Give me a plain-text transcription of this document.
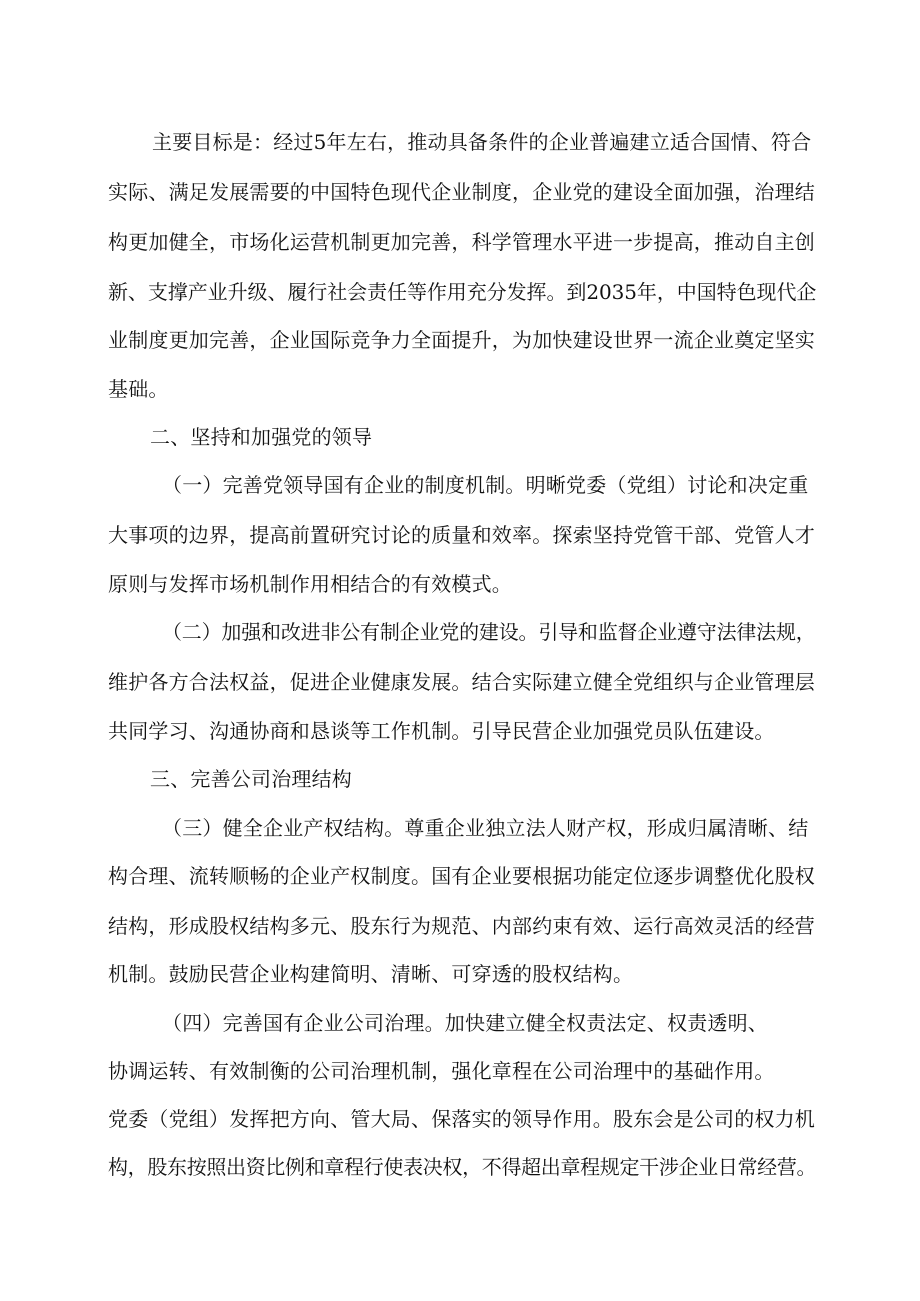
主要目标是：经过5年左右，推动具备条件的企业普遍建立适合国情、符合
实际、满足发展需要的中国特色现代企业制度，企业党的建设全面加强，治理结
构更加健全，市场化运营机制更加完善，科学管理水平进一步提高，推动自主创
新、支撑产业升级、履行社会责任等作用充分发挥。到2035年，中国特色现代企
业制度更加完善，企业国际竞争力全面提升，为加快建设世界一流企业奠定坚实
基础。
二、坚持和加强党的领导
（一）完善党领导国有企业的制度机制。明晰党委（党组）讨论和决定重
大事项的边界，提高前置研究讨论的质量和效率。探索坚持党管干部、党管人才
原则与发挥市场机制作用相结合的有效模式。
（二）加强和改进非公有制企业党的建设。引导和监督企业遵守法律法规，
维护各方合法权益，促进企业健康发展。结合实际建立健全党组织与企业管理层
共同学习、沟通协商和恳谈等工作机制。引导民营企业加强党员队伍建设。
三、完善公司治理结构
（三）健全企业产权结构。尊重企业独立法人财产权，形成归属清晰、结
构合理、流转顺畅的企业产权制度。国有企业要根据功能定位逐步调整优化股权
结构，形成股权结构多元、股东行为规范、内部约束有效、运行高效灵活的经营
机制。鼓励民营企业构建简明、清晰、可穿透的股权结构。
（四）完善国有企业公司治理。加快建立健全权责法定、权责透明、
协调运转、有效制衡的公司治理机制，强化章程在公司治理中的基础作用。
党委（党组）发挥把方向、管大局、保落实的领导作用。股东会是公司的权力机
构，股东按照出资比例和章程行使表决权，不得超出章程规定干涉企业日常经营。
